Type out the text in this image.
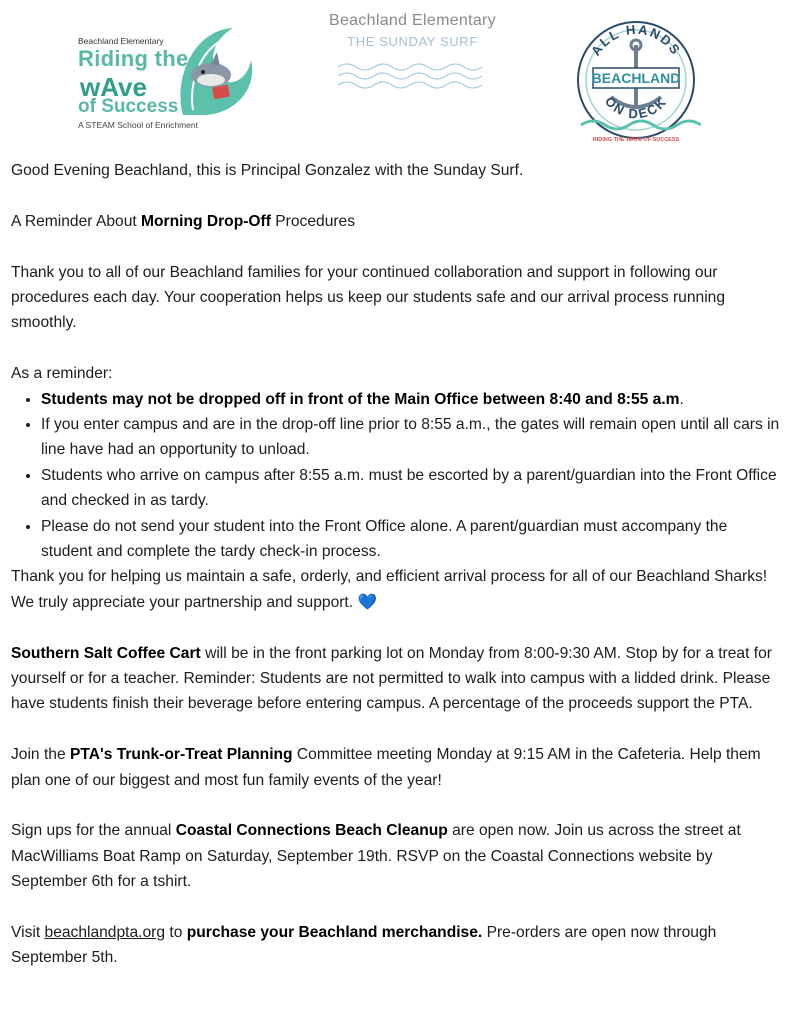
Beachland Elementary
Riding the
wAve
of Success
A STEAM School of Enrichment
Beachland Elementary
THE SUNDAY SURF	ALL HANDS
BEACHLAND
ON DECK
RIDING THE WAVE OF SUCCESS

Good Evening Beachland, this is Principal Gonzalez with the Sunday Surf.

A Reminder About Morning Drop-Off Procedures

Thank you to all of our Beachland families for your continued collaboration and support in following our procedures each day. Your cooperation helps us keep our students safe and our arrival process running smoothly.

As a reminder:

• Students may not be dropped off in front of the Main Office between 8:40 and 8:55 a.m.
• If you enter campus and are in the drop-off line prior to 8:55 a.m., the gates will remain open until all cars in line have had an opportunity to unload.
• Students who arrive on campus after 8:55 a.m. must be escorted by a parent/guardian into the Front Office and checked in as tardy.
• Please do not send your student into the Front Office alone. A parent/guardian must accompany the student and complete the tardy check-in process.

Thank you for helping us maintain a safe, orderly, and efficient arrival process for all of our Beachland Sharks! We truly appreciate your partnership and support. 💙

Southern Salt Coffee Cart will be in the front parking lot on Monday from 8:00-9:30 AM. Stop by for a treat for yourself or for a teacher. Reminder: Students are not permitted to walk into campus with a lidded drink. Please have students finish their beverage before entering campus. A percentage of the proceeds support the PTA.

Join the PTA's Trunk-or-Treat Planning Committee meeting Monday at 9:15 AM in the Cafeteria. Help them plan one of our biggest and most fun family events of the year!

Sign ups for the annual Coastal Connections Beach Cleanup are open now. Join us across the street at MacWilliams Boat Ramp on Saturday, September 19th. RSVP on the Coastal Connections website by September 6th for a tshirt.

Visit beachlandpta.org to purchase your Beachland merchandise. Pre-orders are open now through September 5th.
